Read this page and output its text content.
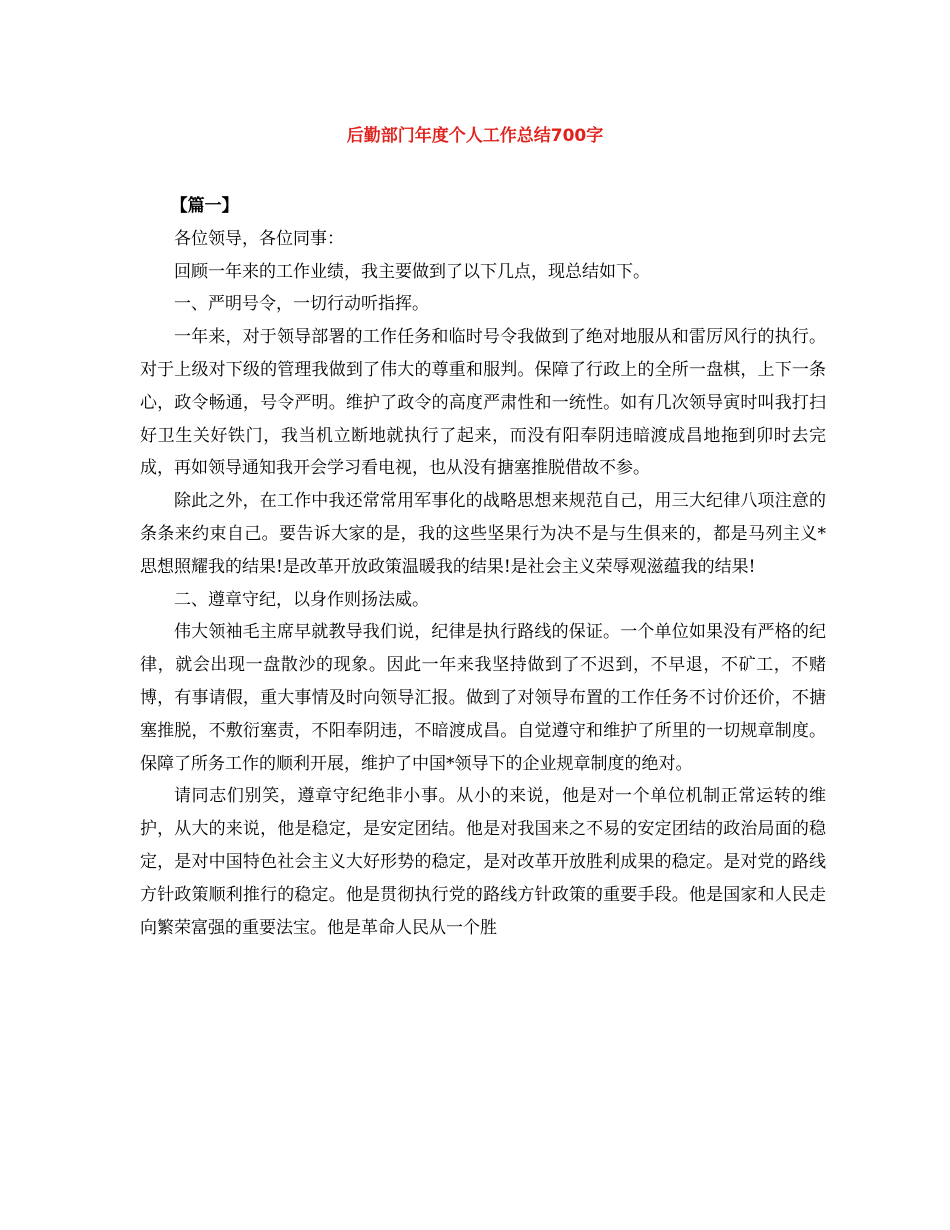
后勤部门年度个人工作总结700字

【篇一】

各位领导，各位同事：

回顾一年来的工作业绩，我主要做到了以下几点，现总结如下。

一、严明号令，一切行动听指挥。

一年来，对于领导部署的工作任务和临时号令我做到了绝对地服从和雷厉风行的执行。对于上级对下级的管理我做到了伟大的尊重和服判。保障了行政上的全所一盘棋，上下一条心，政令畅通，号令严明。维护了政令的高度严肃性和一统性。如有几次领导寅时叫我打扫好卫生关好铁门，我当机立断地就执行了起来，而没有阳奉阴违暗渡成昌地拖到卯时去完成，再如领导通知我开会学习看电视，也从没有搪塞推脱借故不参。

除此之外，在工作中我还常常用军事化的战略思想来规范自己，用三大纪律八项注意的条条来约束自己。要告诉大家的是，我的这些坚果行为决不是与生俱来的，都是马列主义*思想照耀我的结果!是改革开放政策温暖我的结果!是社会主义荣辱观滋蕴我的结果!

二、遵章守纪，以身作则扬法威。

伟大领袖毛主席早就教导我们说，纪律是执行路线的保证。一个单位如果没有严格的纪律，就会出现一盘散沙的现象。因此一年来我坚持做到了不迟到，不早退，不矿工，不赌博，有事请假，重大事情及时向领导汇报。做到了对领导布置的工作任务不讨价还价，不搪塞推脱，不敷衍塞责，不阳奉阴违，不暗渡成昌。自觉遵守和维护了所里的一切规章制度。保障了所务工作的顺利开展，维护了中国*领导下的企业规章制度的绝对。

请同志们别笑，遵章守纪绝非小事。从小的来说，他是对一个单位机制正常运转的维护，从大的来说，他是稳定，是安定团结。他是对我国来之不易的安定团结的政治局面的稳定，是对中国特色社会主义大好形势的稳定，是对改革开放胜利成果的稳定。是对党的路线方针政策顺利推行的稳定。他是贯彻执行党的路线方针政策的重要手段。他是国家和人民走向繁荣富强的重要法宝。他是革命人民从一个胜
